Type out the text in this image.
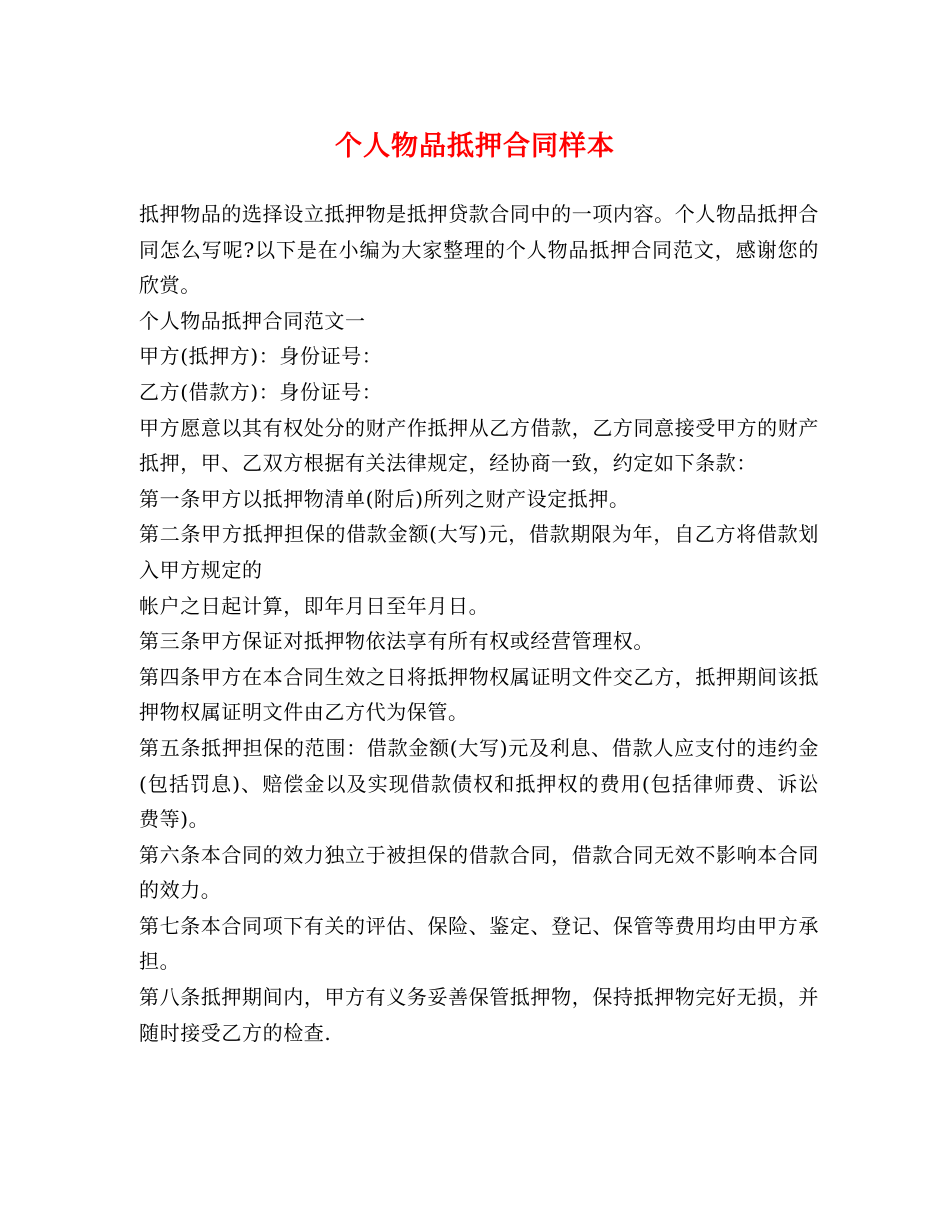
个人物品抵押合同样本

抵押物品的选择设立抵押物是抵押贷款合同中的一项内容。个人物品抵押合同怎么写呢?以下是在小编为大家整理的个人物品抵押合同范文，感谢您的欣赏。

个人物品抵押合同范文一

甲方(抵押方)：身份证号：

乙方(借款方)：身份证号：

甲方愿意以其有权处分的财产作抵押从乙方借款，乙方同意接受甲方的财产抵押，甲、乙双方根据有关法律规定，经协商一致，约定如下条款：

第一条甲方以抵押物清单(附后)所列之财产设定抵押。

第二条甲方抵押担保的借款金额(大写)元，借款期限为年，自乙方将借款划入甲方规定的

帐户之日起计算，即年月日至年月日。

第三条甲方保证对抵押物依法享有所有权或经营管理权。

第四条甲方在本合同生效之日将抵押物权属证明文件交乙方，抵押期间该抵押物权属证明文件由乙方代为保管。

第五条抵押担保的范围：借款金额(大写)元及利息、借款人应支付的违约金(包括罚息)、赔偿金以及实现借款债权和抵押权的费用(包括律师费、诉讼费等)。

第六条本合同的效力独立于被担保的借款合同，借款合同无效不影响本合同的效力。

第七条本合同项下有关的评估、保险、鉴定、登记、保管等费用均由甲方承担。

第八条抵押期间内，甲方有义务妥善保管抵押物，保持抵押物完好无损，并随时接受乙方的检查.
